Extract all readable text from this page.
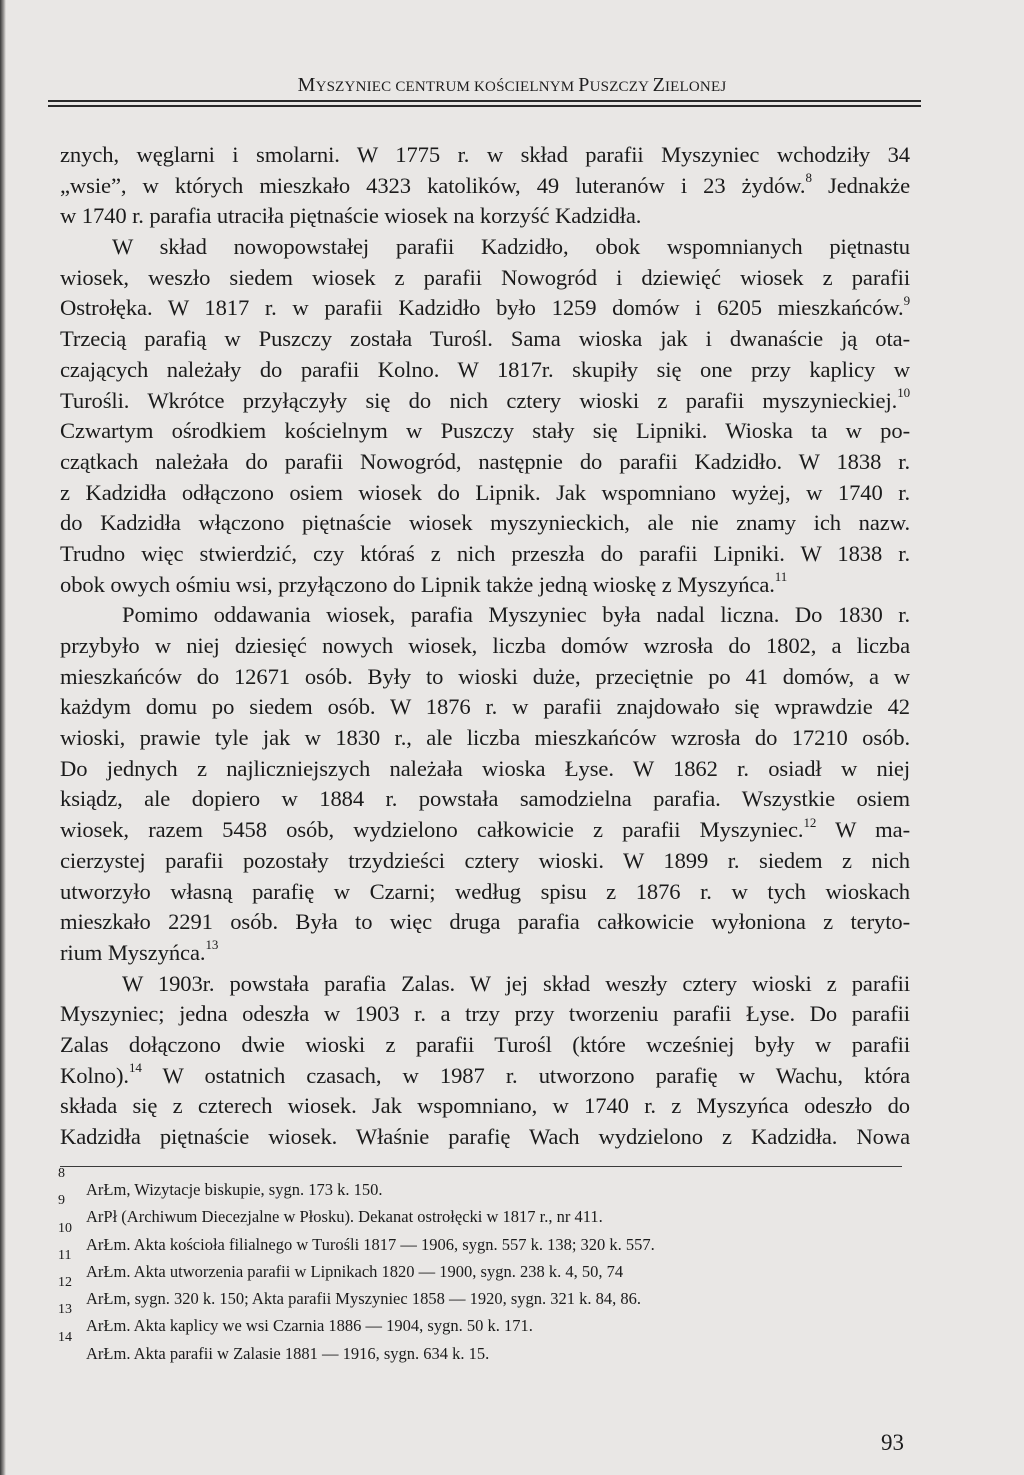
MYSZYNIEC CENTRUM KOŚCIELNYM PUSZCZY ZIELONEJ
znych, węglarni i smolarni. W 1775 r. w skład parafii Myszyniec wchodziły 34
„wsie”, w których mieszkało 4323 katolików, 49 luteranów i 23 żydów.$^8$ Jednakże
w 1740 r. parafia utraciła piętnaście wiosek na korzyść Kadzidła.
W skład nowopowstałej parafii Kadzidło, obok wspomnianych piętnastu
wiosek, weszło siedem wiosek z parafii Nowogród i dziewięć wiosek z parafii
Ostrołęka. W 1817 r. w parafii Kadzidło było 1259 domów i 6205 mieszkańców.$^9$
Trzecią parafią w Puszczy została Turośl. Sama wioska jak i dwanaście ją ota-
czających należały do parafii Kolno. W 1817r. skupiły się one przy kaplicy w
Turośli. Wkrótce przyłączyły się do nich cztery wioski z parafii myszynieckiej.$^{10}$
Czwartym ośrodkiem kościelnym w Puszczy stały się Lipniki. Wioska ta w po-
czątkach należała do parafii Nowogród, następnie do parafii Kadzidło. W 1838 r.
z Kadzidła odłączono osiem wiosek do Lipnik. Jak wspomniano wyżej, w 1740 r.
do Kadzidła włączono piętnaście wiosek myszynieckich, ale nie znamy ich nazw.
Trudno więc stwierdzić, czy któraś z nich przeszła do parafii Lipniki. W 1838 r.
obok owych ośmiu wsi, przyłączono do Lipnik także jedną wioskę z Myszyńca.$^{11}$
Pomimo oddawania wiosek, parafia Myszyniec była nadal liczna. Do 1830 r.
przybyło w niej dziesięć nowych wiosek, liczba domów wzrosła do 1802, a liczba
mieszkańców do 12671 osób. Były to wioski duże, przeciętnie po 41 domów, a w
każdym domu po siedem osób. W 1876 r. w parafii znajdowało się wprawdzie 42
wioski, prawie tyle jak w 1830 r., ale liczba mieszkańców wzrosła do 17210 osób.
Do jednych z najliczniejszych należała wioska Łyse. W 1862 r. osiadł w niej
ksiądz, ale dopiero w 1884 r. powstała samodzielna parafia. Wszystkie osiem
wiosek, razem 5458 osób, wydzielono całkowicie z parafii Myszyniec.$^{12}$ W ma-
cierzystej parafii pozostały trzydzieści cztery wioski. W 1899 r. siedem z nich
utworzyło własną parafię w Czarni; według spisu z 1876 r. w tych wioskach
mieszkało 2291 osób. Była to więc druga parafia całkowicie wyłoniona z teryto-
rium Myszyńca.$^{13}$
W 1903r. powstała parafia Zalas. W jej skład weszły cztery wioski z parafii
Myszyniec; jedna odeszła w 1903 r. a trzy przy tworzeniu parafii Łyse. Do parafii
Zalas dołączono dwie wioski z parafii Turośl (które wcześniej były w parafii
Kolno).$^{14}$ W ostatnich czasach, w 1987 r. utworzono parafię w Wachu, która
składa się z czterech wiosek. Jak wspomniano, w 1740 r. z Myszyńca odeszło do
Kadzidła piętnaście wiosek. Właśnie parafię Wach wydzielono z Kadzidła. Nowa
8
ArŁm, Wizytacje biskupie, sygn. 173 k. 150.
9
ArPł (Archiwum Diecezjalne w Płosku). Dekanat ostrołęcki w 1817 r., nr 411.
10
ArŁm. Akta kościoła filialnego w Turośli 1817 — 1906, sygn. 557 k. 138; 320 k. 557.
11
ArŁm. Akta utworzenia parafii w Lipnikach 1820 — 1900, sygn. 238 k. 4, 50, 74
12
ArŁm, sygn. 320 k. 150; Akta parafii Myszyniec 1858 — 1920, sygn. 321 k. 84, 86.
13
ArŁm. Akta kaplicy we wsi Czarnia 1886 — 1904, sygn. 50 k. 171.
14
ArŁm. Akta parafii w Zalasie 1881 — 1916, sygn. 634 k. 15.
93
